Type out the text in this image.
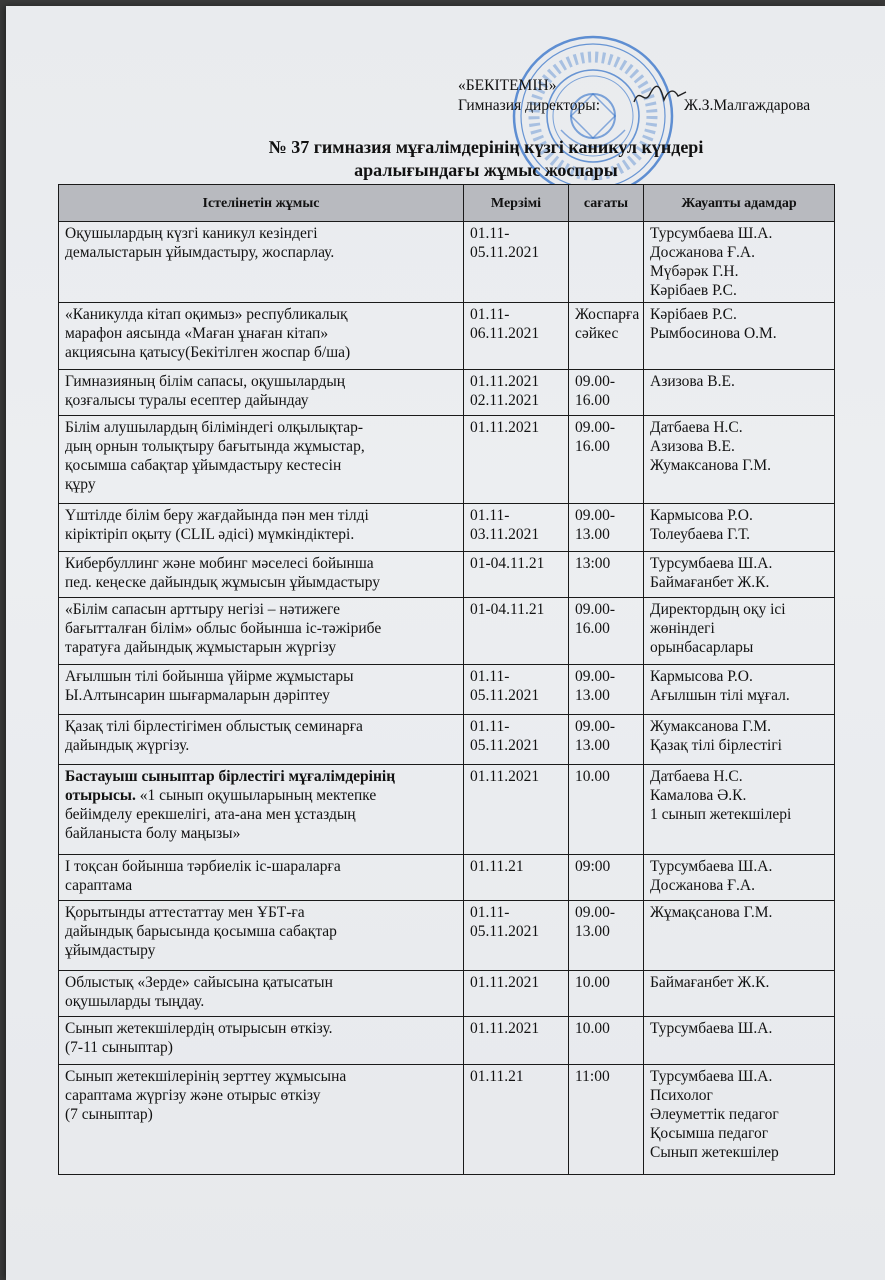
«БЕКІТЕМІН»
Гимназия директоры:	Ж.З.Малгаждарова
№ 37 гимназия мұғалімдерінің күзгі каникул күндері
аралығындағы жұмыс жоспары
Істелінетін жұмыс	Мерзімі	сағаты	Жауапты адамдар
Оқушылардың күзгі каникул кезіндегі
демалыстарын ұйымдастыру, жоспарлау.	01.11-
05.11.2021		Турсумбаева Ш.А.
Досжанова Ғ.А.
Мүбәрәк Г.Н.
Кәрібаев Р.С.
«Каникулда кітап оқимыз» республикалық
марафон аясында «Маған ұнаған кітап»
акциясына қатысу(Бекітілген жоспар б/ша)	01.11-
06.11.2021	Жоспарға
сәйкес	Кәрібаев Р.С.
Рымбосинова О.М.
Гимназияның білім сапасы, оқушылардың
қозғалысы туралы есептер дайындау	01.11.2021
02.11.2021	09.00-
16.00	Азизова В.Е.
Білім алушылардың біліміндегі олқылықтар-
дың орнын толықтыру бағытында жұмыстар,
қосымша сабақтар ұйымдастыру кестесін
құру	01.11.2021	09.00-
16.00	Датбаева Н.С.
Азизова В.Е.
Жумаксанова Г.М.
Үштілде білім беру жағдайында пән мен тілді
кіріктіріп оқыту (CLIL әдісі) мүмкіндіктері.	01.11-
03.11.2021	09.00-
13.00	Кармысова Р.О.
Толеубаева Г.Т.
Кибербуллинг және мобинг мәселесі бойынша
пед. кеңеске дайындық жұмысын ұйымдастыру	01-04.11.21	13:00	Турсумбаева Ш.А.
Баймағанбет Ж.К.
«Білім сапасын арттыру негізі – нәтижеге
бағытталған білім» облыс бойынша іс-тәжірибе
таратуға дайындық жұмыстарын жүргізу	01-04.11.21	09.00-
16.00	Директордың оқу ісі
жөніндегі
орынбасарлары
Ағылшын тілі бойынша үйірме жұмыстары
Ы.Алтынсарин шығармаларын дәріптеу	01.11-
05.11.2021	09.00-
13.00	Кармысова Р.О.
Ағылшын тілі мұғал.
Қазақ тілі бірлестігімен облыстық семинарға
дайындық жүргізу.	01.11-
05.11.2021	09.00-
13.00	Жумаксанова Г.М.
Қазақ тілі бірлестігі
Бастауыш сыныптар бірлестігі мұғалімдерінің
отырысы. «1 сынып оқушыларының мектепке
бейімделу ерекшелігі, ата-ана мен ұстаздың
байланыста болу маңызы»	01.11.2021	10.00	Датбаева Н.С.
Камалова Ә.К.
1 сынып жетекшілері
І тоқсан бойынша тәрбиелік іс-шараларға
сараптама	01.11.21	09:00	Турсумбаева Ш.А.
Досжанова Ғ.А.
Қорытынды аттестаттау мен ҰБТ-ға
дайындық барысында қосымша сабақтар
ұйымдастыру	01.11-
05.11.2021	09.00-
13.00	Жұмақсанова Г.М.
Облыстық «Зерде» сайысына қатысатын
оқушыларды тыңдау.	01.11.2021	10.00	Баймағанбет Ж.К.
Сынып жетекшілердің отырысын өткізу.
(7-11 сыныптар)	01.11.2021	10.00	Турсумбаева Ш.А.
Сынып жетекшілерінің зерттеу жұмысына
сараптама жүргізу және отырыс өткізу
(7 сыныптар)	01.11.21	11:00	Турсумбаева Ш.А.
Психолог
Әлеуметтік педагог
Қосымша педагог
Сынып жетекшілер
